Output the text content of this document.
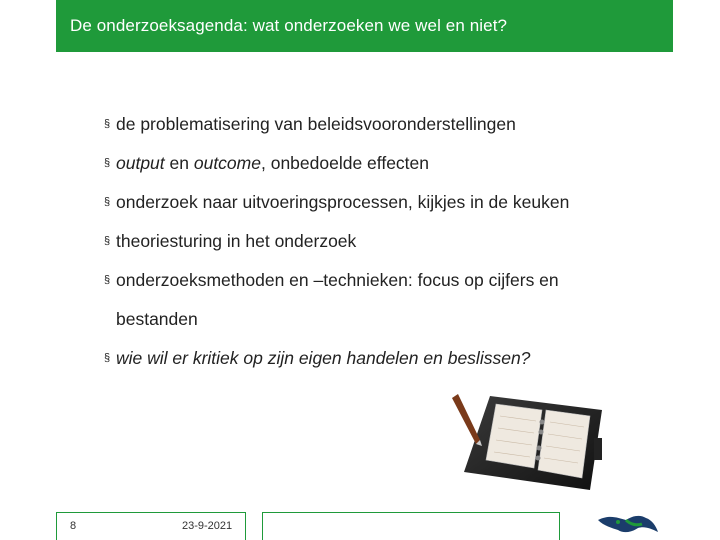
De onderzoeksagenda: wat onderzoeken we wel en niet?
§ de problematisering van beleidsvooronderstellingen
§ output en outcome, onbedoelde effecten
§ onderzoek naar uitvoeringsprocessen, kijkjes in de keuken
§ theoriesturing in het onderzoek
§ onderzoeksmethoden en –technieken: focus op cijfers en
bestanden
§ wie wil er kritiek op zijn eigen handelen en beslissen?
8	23-9-2021
